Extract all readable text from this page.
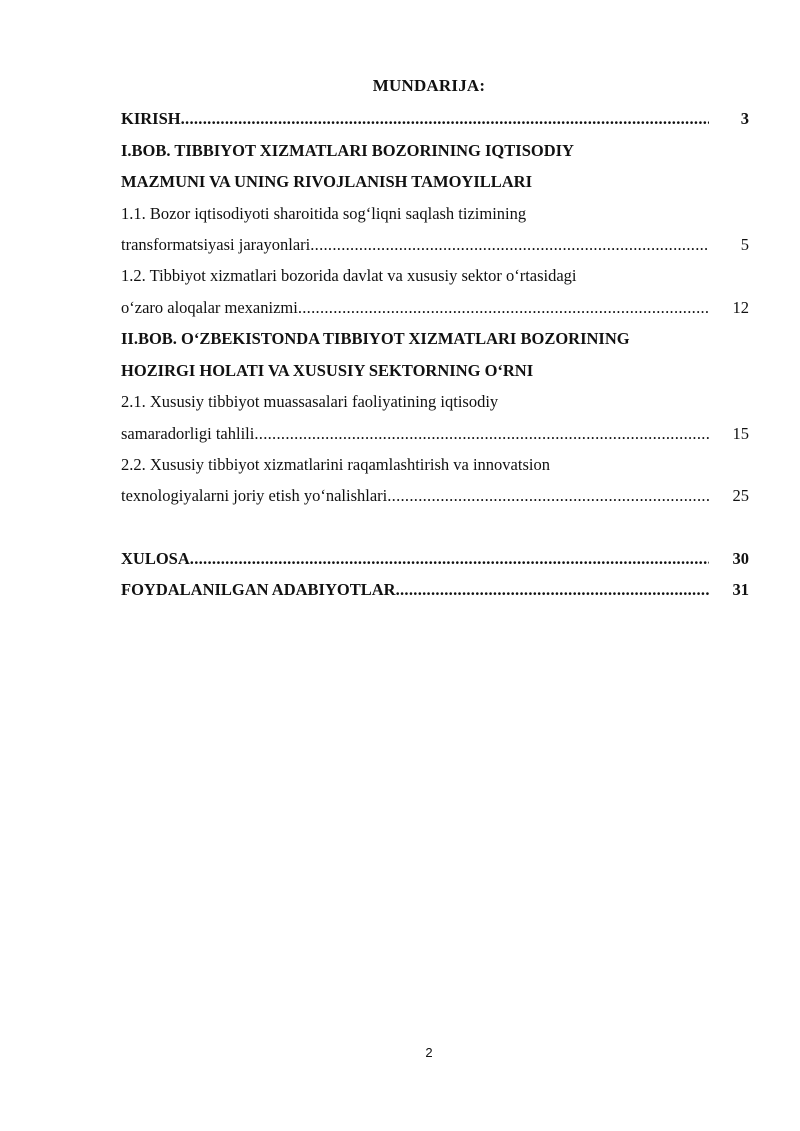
MUNDARIJA:
KIRISH .....	3
I.BOB. TIBBIYOT XIZMATLARI BOZORINING IQTISODIY
MAZMUNI VA UNING RIVOJLANISH TAMOYILLARI
1.1. Bozor iqtisodiyoti sharoitida sog‘liqni saqlash tizimining
transformatsiyasi jarayonlari .....	5
1.2. Tibbiyot xizmatlari bozorida davlat va xususiy sektor o‘rtasidagi
o‘zaro aloqalar mexanizmi .....	12
II.BOB. O‘ZBEKISTONDA TIBBIYOT XIZMATLARI BOZORINING
HOZIRGI HOLATI VA XUSUSIY SEKTORNING O‘RNI
2.1. Xususiy tibbiyot muassasalari faoliyatining iqtisodiy
samaradorligi tahlili .....	15
2.2. Xususiy tibbiyot xizmatlarini raqamlashtirish va innovatsion
texnologiyalarni joriy etish yo‘nalishlari .....	25
XULOSA .....	30
FOYDALANILGAN ADABIYOTLAR .....	31
2
